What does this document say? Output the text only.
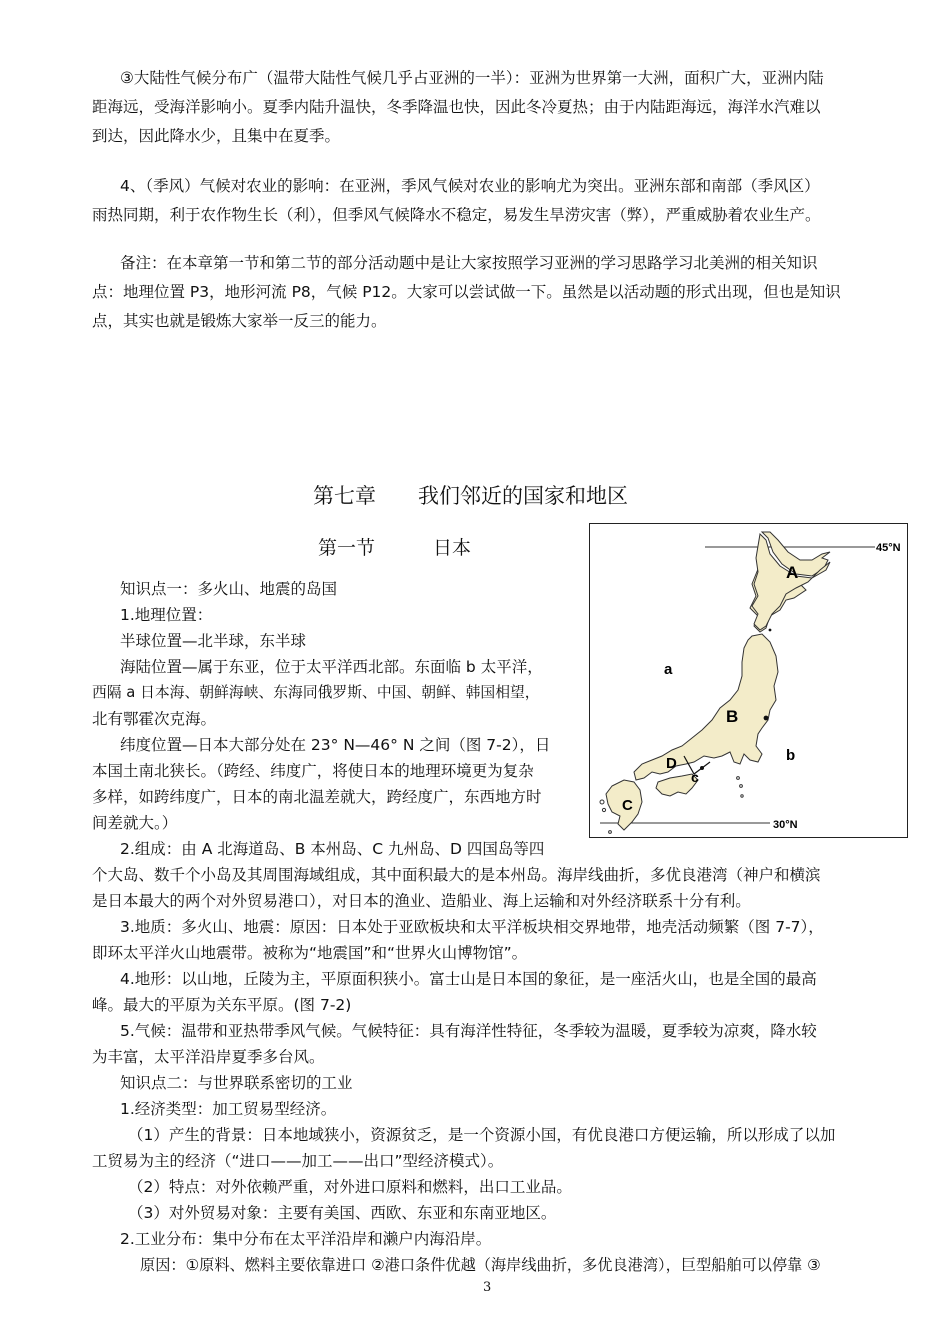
③大陆性气候分布广（温带大陆性气候几乎占亚洲的一半）：亚洲为世界第一大洲，面积广大，亚洲内陆
距海远，受海洋影响小。夏季内陆升温快，冬季降温也快，因此冬冷夏热；由于内陆距海远，海洋水汽难以
到达，因此降水少，且集中在夏季。
4、（季风）气候对农业的影响：在亚洲，季风气候对农业的影响尤为突出。亚洲东部和南部（季风区）
雨热同期，利于农作物生长（利），但季风气候降水不稳定，易发生旱涝灾害（弊），严重威胁着农业生产。
备注：在本章第一节和第二节的部分活动题中是让大家按照学习亚洲的学习思路学习北美洲的相关知识
点：地理位置 P3，地形河流 P8，气候 P12。大家可以尝试做一下。虽然是以活动题的形式出现，但也是知识
点，其实也就是锻炼大家举一反三的能力。
第七章 我们邻近的国家和地区
第一节	日本
知识点一：多火山、地震的岛国
1.地理位置：
半球位置—北半球，东半球
海陆位置—属于东亚，位于太平洋西北部。东面临 b 太平洋，
西隔 a 日本海、朝鲜海峡、东海同俄罗斯、中国、朝鲜、韩国相望，
北有鄂霍次克海。
纬度位置—日本大部分处在 23° N—46° N 之间（图 7-2），日
本国土南北狭长。（跨经、纬度广，将使日本的地理环境更为复杂
多样，如跨纬度广，日本的南北温差就大，跨经度广，东西地方时
间差就大。）
2.组成：由 A 北海道岛、B 本州岛、C 九州岛、D 四国岛等四
个大岛、数千个小岛及其周围海域组成，其中面积最大的是本州岛。海岸线曲折，多优良港湾（神户和横滨
是日本最大的两个对外贸易港口），对日本的渔业、造船业、海上运输和对外经济联系十分有利。
3.地质：多火山、地震：原因：日本处于亚欧板块和太平洋板块相交界地带，地壳活动频繁（图 7-7），
即环太平洋火山地震带。被称为“地震国”和“世界火山博物馆”。
4.地形：以山地，丘陵为主，平原面积狭小。富士山是日本国的象征，是一座活火山，也是全国的最高
峰。最大的平原为关东平原。(图 7-2)
5.气候：温带和亚热带季风气候。气候特征：具有海洋性特征，冬季较为温暖，夏季较为凉爽，降水较
为丰富，太平洋沿岸夏季多台风。
知识点二：与世界联系密切的工业
1.经济类型：加工贸易型经济。
（1）产生的背景：日本地域狭小，资源贫乏，是一个资源小国，有优良港口方便运输，所以形成了以加
工贸易为主的经济（“进口——加工——出口”型经济模式）。
（2）特点：对外依赖严重，对外进口原料和燃料，出口工业品。
（3）对外贸易对象：主要有美国、西欧、东亚和东南亚地区。
2.工业分布：集中分布在太平洋沿岸和濑户内海沿岸。
原因：①原料、燃料主要依靠进口 ②港口条件优越（海岸线曲折，多优良港湾），巨型船舶可以停靠 ③
45°N
30°N
A
B
C
D
a
b
c
3
